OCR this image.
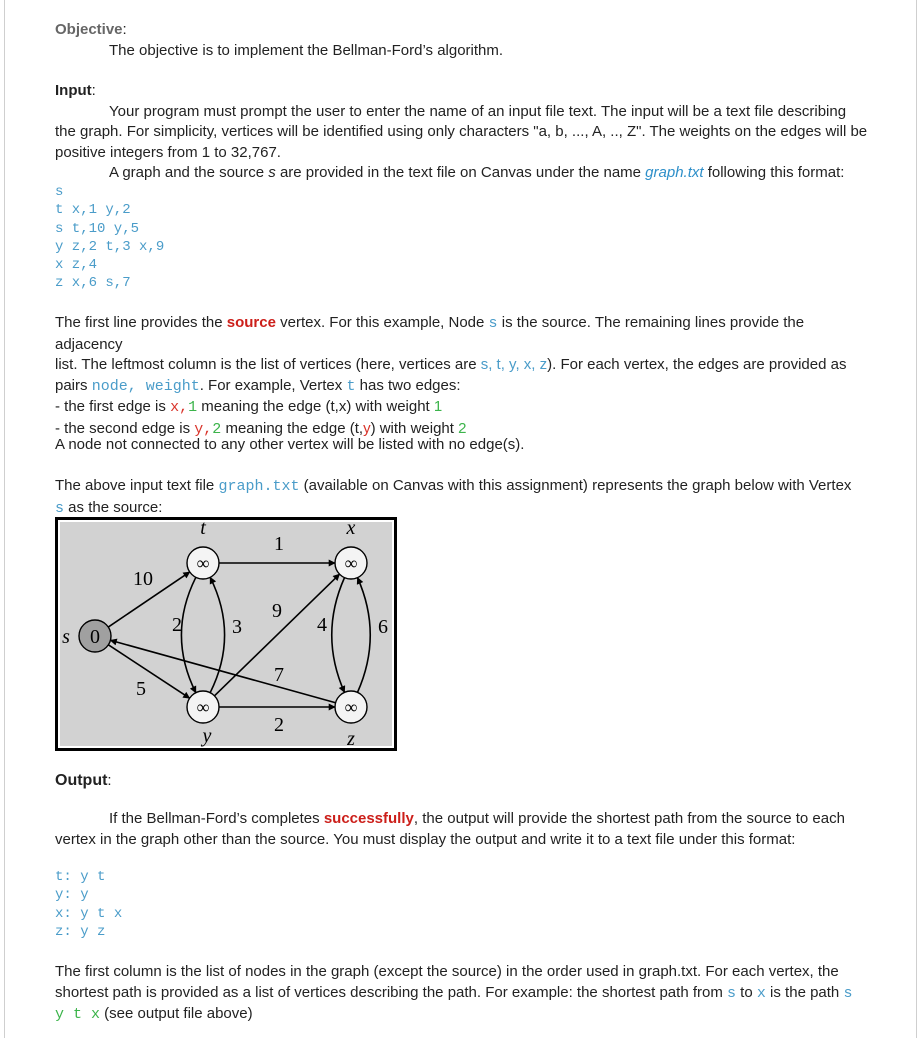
Objective:
The objective is to implement the Bellman-Ford’s algorithm.
Input:
Your program must prompt the user to enter the name of an input file text. The input will be a text file describing the graph. For simplicity, vertices will be identified using only characters "a, b, ..., A, .., Z". The weights on the edges will be positive integers from 1 to 32,767.
A graph and the source s are provided in the text file on Canvas under the name graph.txt following this format:
s
t x,1 y,2
s t,10 y,5
y z,2 t,3 x,9
x z,4
z x,6 s,7
The first line provides the source vertex. For this example, Node s is the source. The remaining lines provide the adjacency
list. The leftmost column is the list of vertices (here, vertices are s, t, y, x, z). For each vertex, the edges are provided as
pairs node, weight. For example, Vertex t has two edges:
- the first edge is x,1 meaning the edge (t,x) with weight 1
- the second edge is y,2 meaning the edge (t,y) with weight 2
A node not connected to any other vertex will be listed with no edge(s).
The above input text file graph.txt (available on Canvas with this assignment) represents the graph below with Vertex
s as the source:
0
∞	∞
∞	∞
10
5
1
2	3
9
2
4	6
7
s
t	x
y	z
Output:
If the Bellman-Ford’s completes successfully, the output will provide the shortest path from the source to each
vertex in the graph other than the source. You must display the output and write it to a text file under this format:
t: y t
y: y
x: y t x
z: y z
The first column is the list of nodes in the graph (except the source) in the order used in graph.txt. For each vertex, the
shortest path is provided as a list of vertices describing the path. For example: the shortest path from s to x is the path s
y t x (see output file above)
